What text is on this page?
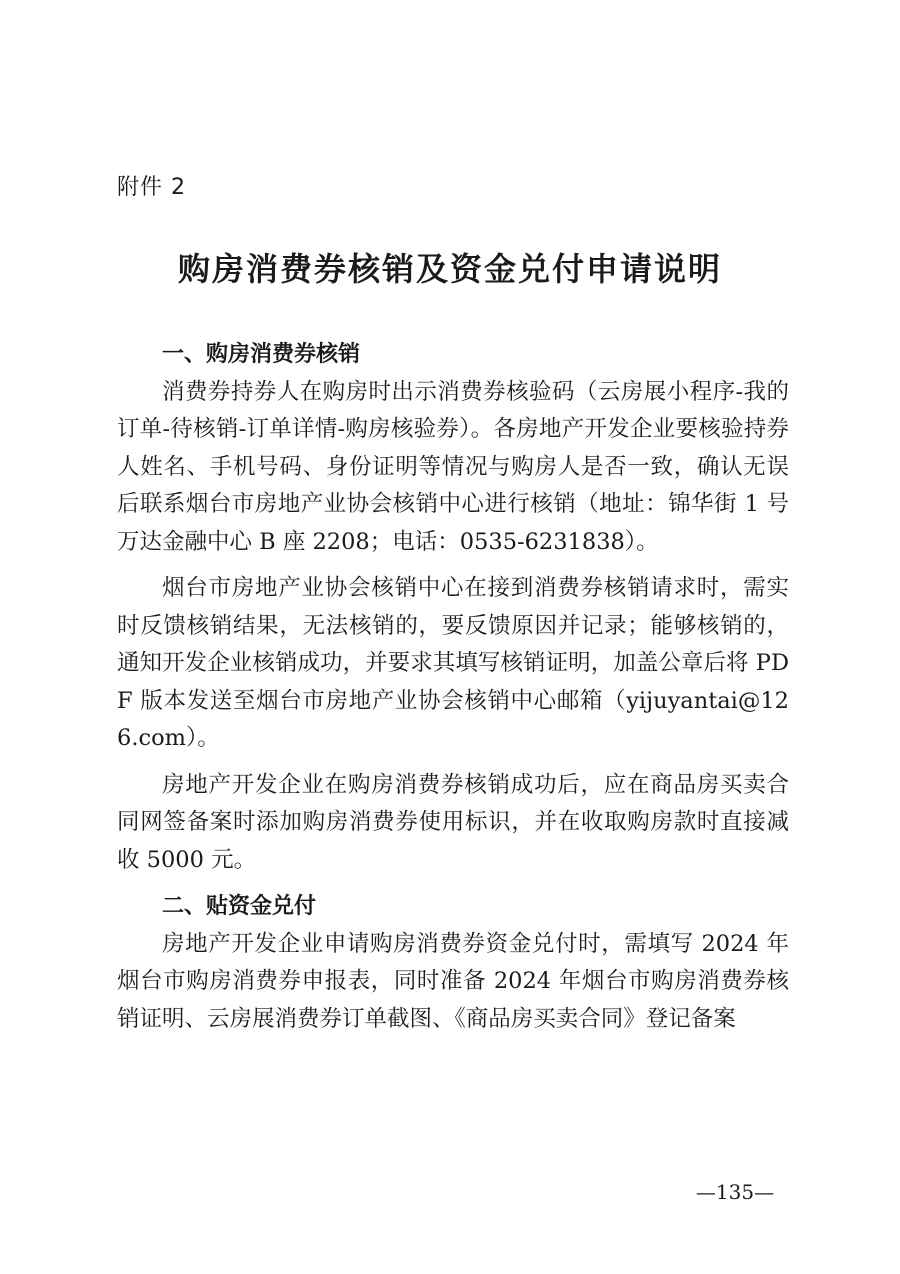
附件 2
购房消费券核销及资金兑付申请说明

一、购房消费券核销

消费券持券人在购房时出示消费券核验码（云房展小程序-我的订单-待核销-订单详情-购房核验券）。各房地产开发企业要核验持券人姓名、手机号码、身份证明等情况与购房人是否一致，确认无误后联系烟台市房地产业协会核销中心进行核销（地址：锦华街 1 号万达金融中心 B 座 2208；电话：0535-6231838）。

烟台市房地产业协会核销中心在接到消费券核销请求时，需实时反馈核销结果，无法核销的，要反馈原因并记录；能够核销的，通知开发企业核销成功，并要求其填写核销证明，加盖公章后将 PDF 版本发送至烟台市房地产业协会核销中心邮箱（yijuyantai@126.com）。

房地产开发企业在购房消费券核销成功后，应在商品房买卖合同网签备案时添加购房消费券使用标识，并在收取购房款时直接减收 5000 元。

二、贴资金兑付

房地产开发企业申请购房消费券资金兑付时，需填写 2024 年烟台市购房消费券申报表，同时准备 2024 年烟台市购房消费券核销证明、云房展消费券订单截图、《商品房买卖合同》登记备案

—135—
